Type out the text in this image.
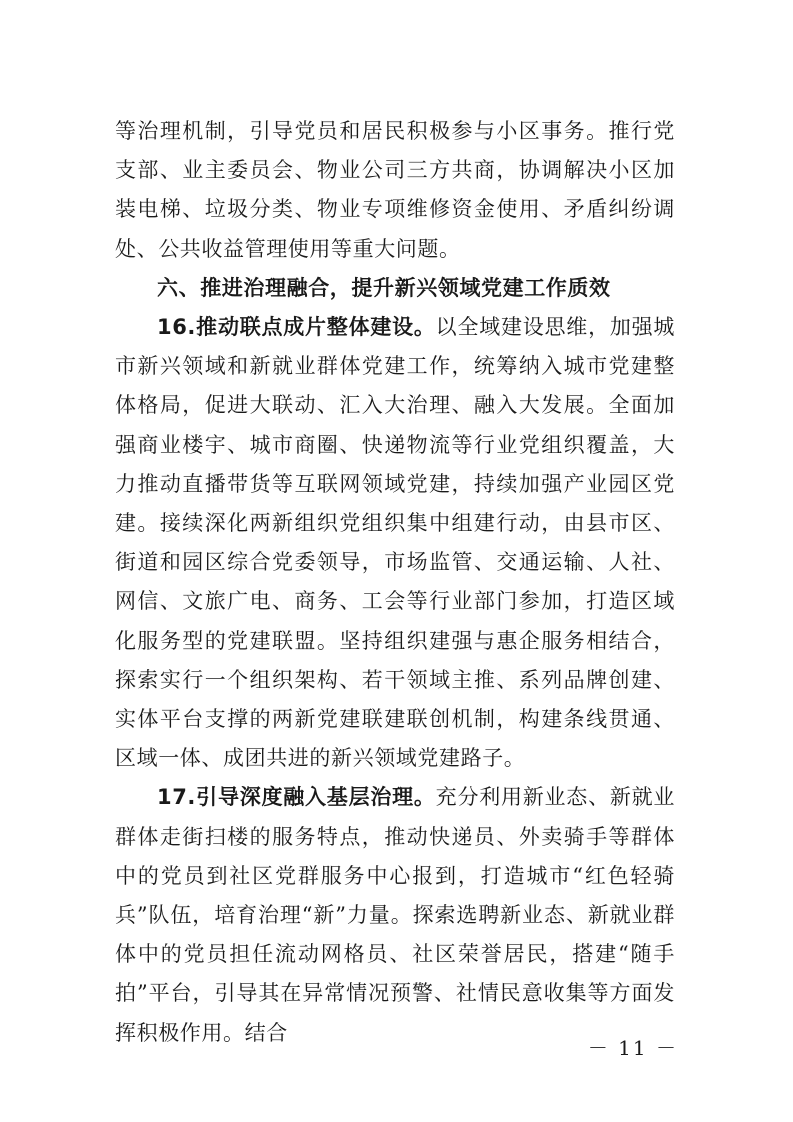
等治理机制，引导党员和居民积极参与小区事务。推行党支部、业主委员会、物业公司三方共商，协调解决小区加装电梯、垃圾分类、物业专项维修资金使用、矛盾纠纷调处、公共收益管理使用等重大问题。

六、推进治理融合，提升新兴领域党建工作质效

16.推动联点成片整体建设。以全域建设思维，加强城市新兴领域和新就业群体党建工作，统筹纳入城市党建整体格局，促进大联动、汇入大治理、融入大发展。全面加强商业楼宇、城市商圈、快递物流等行业党组织覆盖，大力推动直播带货等互联网领域党建，持续加强产业园区党建。接续深化两新组织党组织集中组建行动，由县市区、街道和园区综合党委领导，市场监管、交通运输、人社、网信、文旅广电、商务、工会等行业部门参加，打造区域化服务型的党建联盟。坚持组织建强与惠企服务相结合，探索实行一个组织架构、若干领域主推、系列品牌创建、实体平台支撑的两新党建联建联创机制，构建条线贯通、区域一体、成团共进的新兴领域党建路子。

17.引导深度融入基层治理。充分利用新业态、新就业群体走街扫楼的服务特点，推动快递员、外卖骑手等群体中的党员到社区党群服务中心报到，打造城市“红色轻骑兵”队伍，培育治理“新”力量。探索选聘新业态、新就业群体中的党员担任流动网格员、社区荣誉居民，搭建“随手拍”平台，引导其在异常情况预警、社情民意收集等方面发挥积极作用。结合

－ 11 －
